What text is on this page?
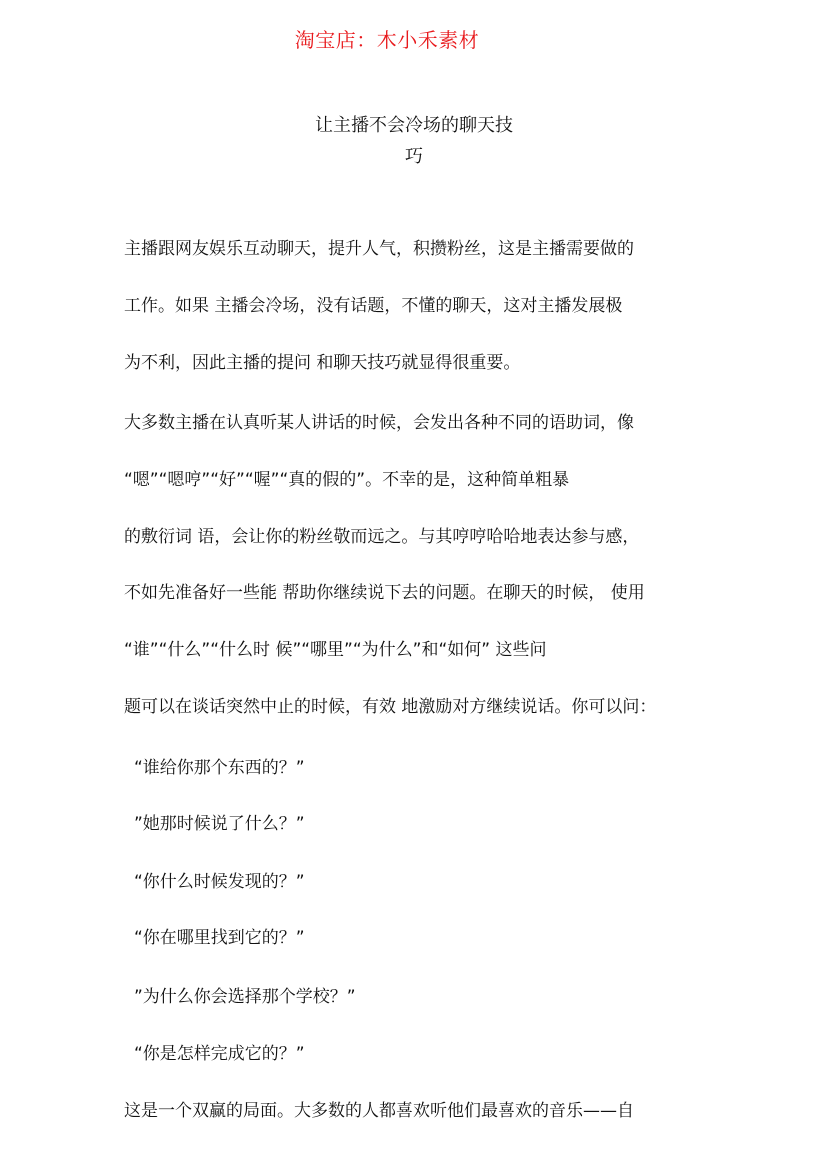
淘宝店：木小禾素材
让主播不会冷场的聊天技
巧
主播跟网友娱乐互动聊天，提升人气，积攒粉丝，这是主播需要做的
工作。如果 主播会冷场，没有话题，不懂的聊天，这对主播发展极
为不利，因此主播的提问 和聊天技巧就显得很重要。
大多数主播在认真听某人讲话的时候，会发出各种不同的语助词，像
“嗯”“嗯哼”“好”“喔”“真的假的”。不幸的是，这种简单粗暴
的敷衍词 语，会让你的粉丝敬而远之。与其哼哼哈哈地表达参与感，
不如先准备好一些能 帮助你继续说下去的问题。在聊天的时候， 使用
“谁”“什么”“什么时 候”“哪里”“为什么”和“如何” 这些问
题可以在谈话突然中止的时候，有效 地激励对方继续说话。你可以问：
“谁给你那个东西的？”
”她那时候说了什么？”
“你什么时候发现的？”
“你在哪里找到它的？”
”为什么你会选择那个学校？”
“你是怎样完成它的？”
这是一个双赢的局面。大多数的人都喜欢听他们最喜欢的音乐——自
